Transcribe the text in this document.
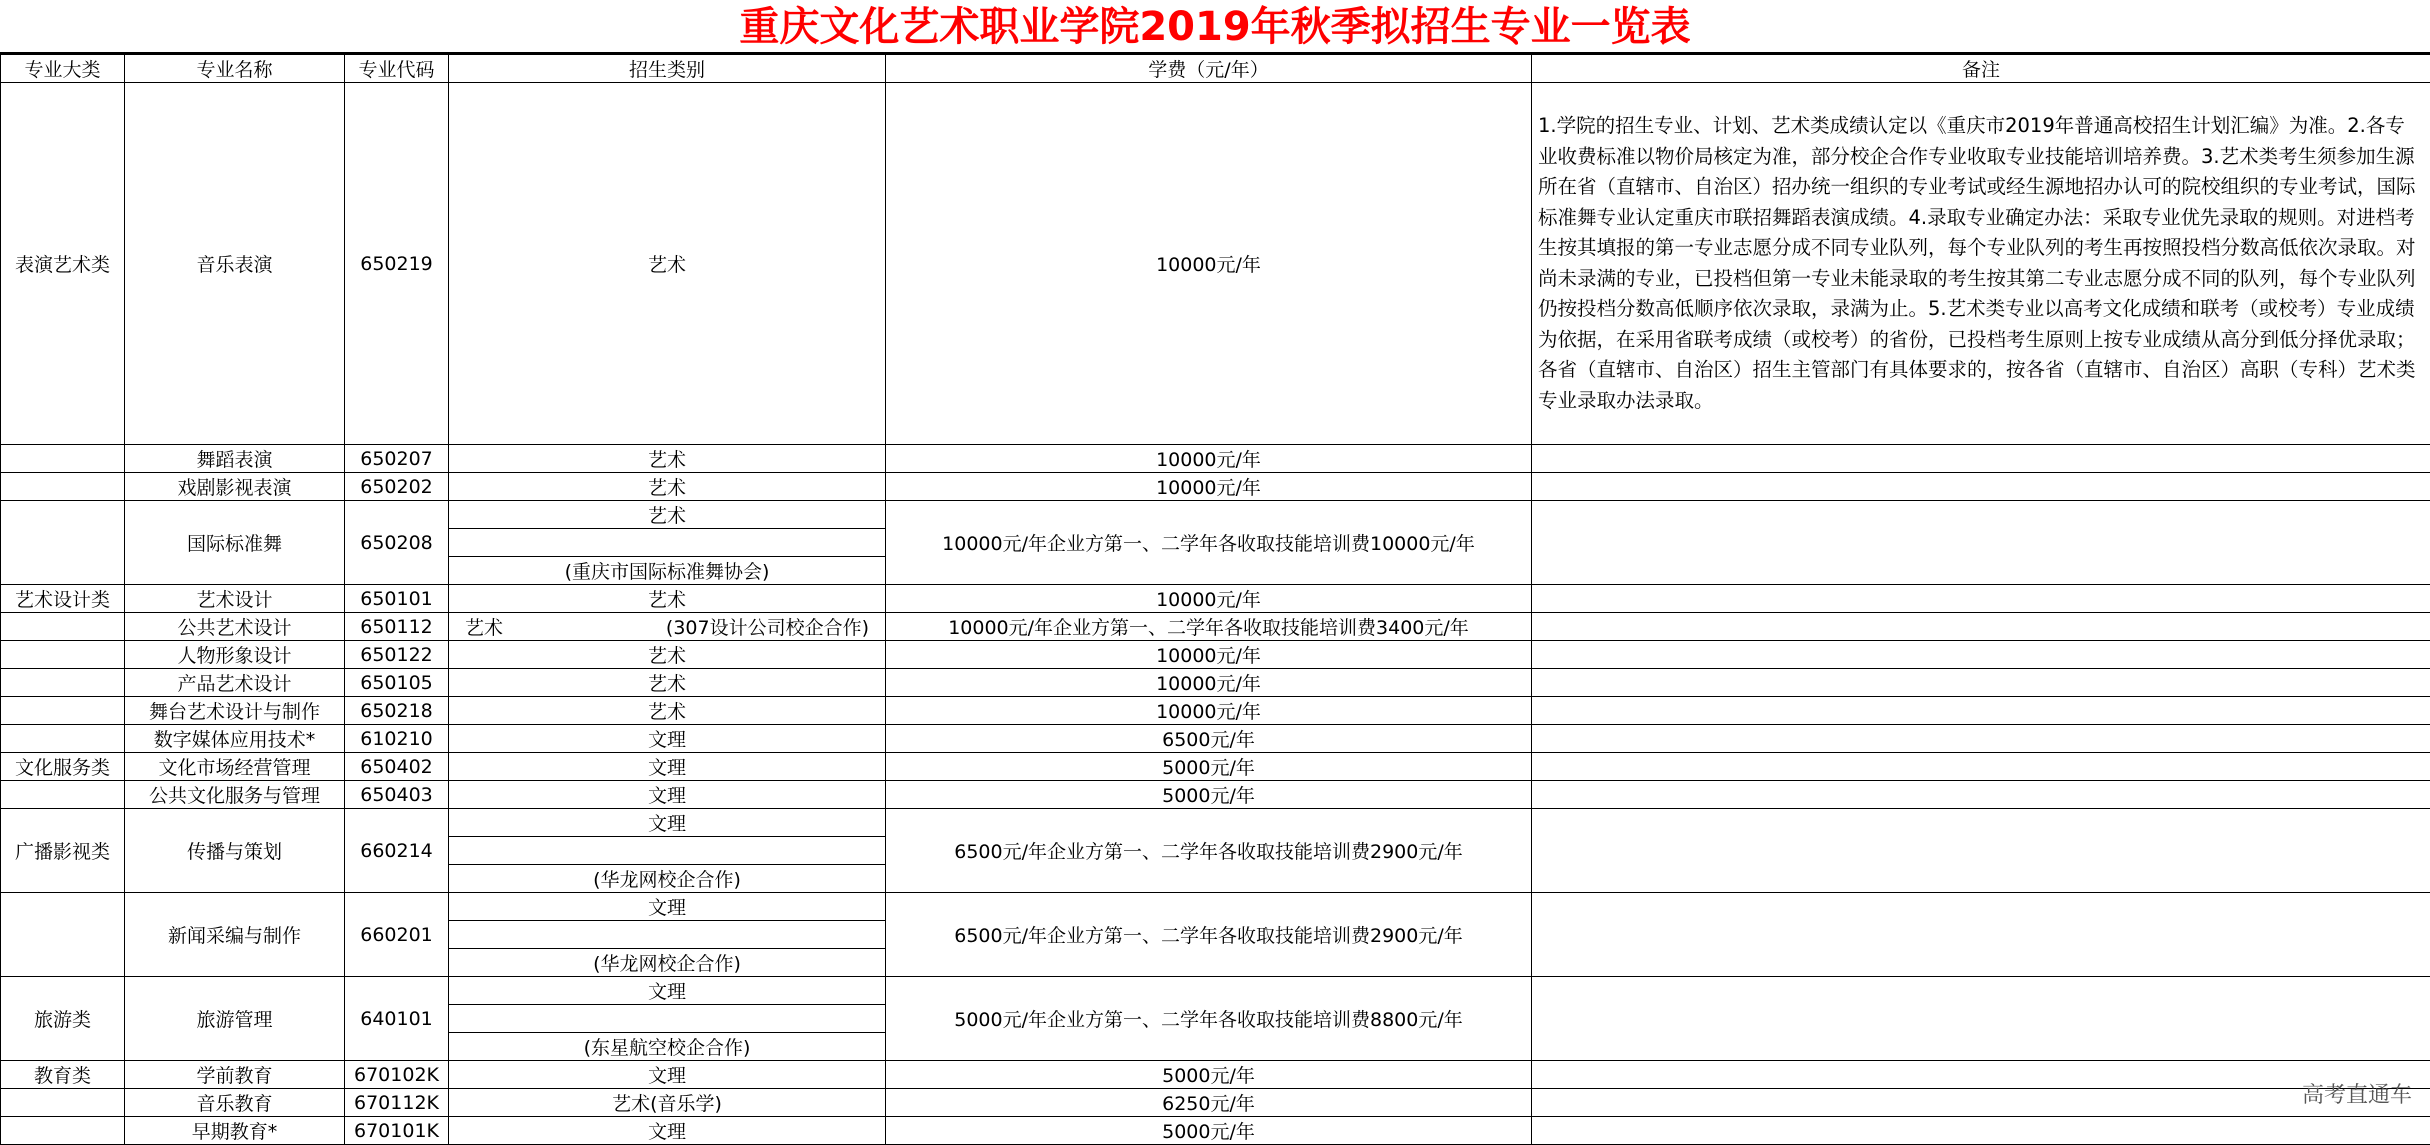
重庆文化艺术职业学院2019年秋季拟招生专业一览表
专业大类	专业名称	专业代码	招生类别	学费（元/年）	备注
表演艺术类	音乐表演	650219	艺术	10000元/年	1.学院的招生专业、计划、艺术类成绩认定以《重庆市2019年普通高校招生计划汇编》为准。2.各专业收费标准以物价局核定为准，部分校企合作专业收取专业技能培训培养费。3.艺术类考生须参加生源所在省（直辖市、自治区）招办统一组织的专业考试或经生源地招办认可的院校组织的专业考试，国际标准舞专业认定重庆市联招舞蹈表演成绩。4.录取专业确定办法：采取专业优先录取的规则。对进档考生按其填报的第一专业志愿分成不同专业队列，每个专业队列的考生再按照投档分数高低依次录取。对尚未录满的专业，已投档但第一专业未能录取的考生按其第二专业志愿分成不同的队列，每个专业队列仍按投档分数高低顺序依次录取，录满为止。5.艺术类专业以高考文化成绩和联考（或校考）专业成绩为依据，在采用省联考成绩（或校考）的省份，已投档考生原则上按专业成绩从高分到低分择优录取；各省（直辖市、自治区）招生主管部门有具体要求的，按各省（直辖市、自治区）高职（专科）艺术类专业录取办法录取。
	舞蹈表演	650207	艺术	10000元/年	
	戏剧影视表演	650202	艺术	10000元/年	
	国际标准舞	650208	艺术	10000元/年企业方第一、二学年各收取技能培训费10000元/年	

			(重庆市国际标准舞协会)		
艺术设计类	艺术设计	650101	艺术	10000元/年	
	公共艺术设计	650112	艺术 (307设计公司校企合作)	10000元/年企业方第一、二学年各收取技能培训费3400元/年	
	人物形象设计	650122	艺术	10000元/年	
	产品艺术设计	650105	艺术	10000元/年	
	舞台艺术设计与制作	650218	艺术	10000元/年	
	数字媒体应用技术*	610210	文理	6500元/年	
文化服务类	文化市场经营管理	650402	文理	5000元/年	
	公共文化服务与管理	650403	文理	5000元/年	
广播影视类	传播与策划	660214	文理	6500元/年企业方第一、二学年各收取技能培训费2900元/年	

			(华龙网校企合作)		
	新闻采编与制作	660201	文理	6500元/年企业方第一、二学年各收取技能培训费2900元/年	

			(华龙网校企合作)		
旅游类	旅游管理	640101	文理	5000元/年企业方第一、二学年各收取技能培训费8800元/年	

			(东星航空校企合作)		
教育类	学前教育	670102K	文理	5000元/年	
	音乐教育	670112K	艺术(音乐学)	6250元/年	
	早期教育*	670101K	文理	5000元/年	
高考直通车
